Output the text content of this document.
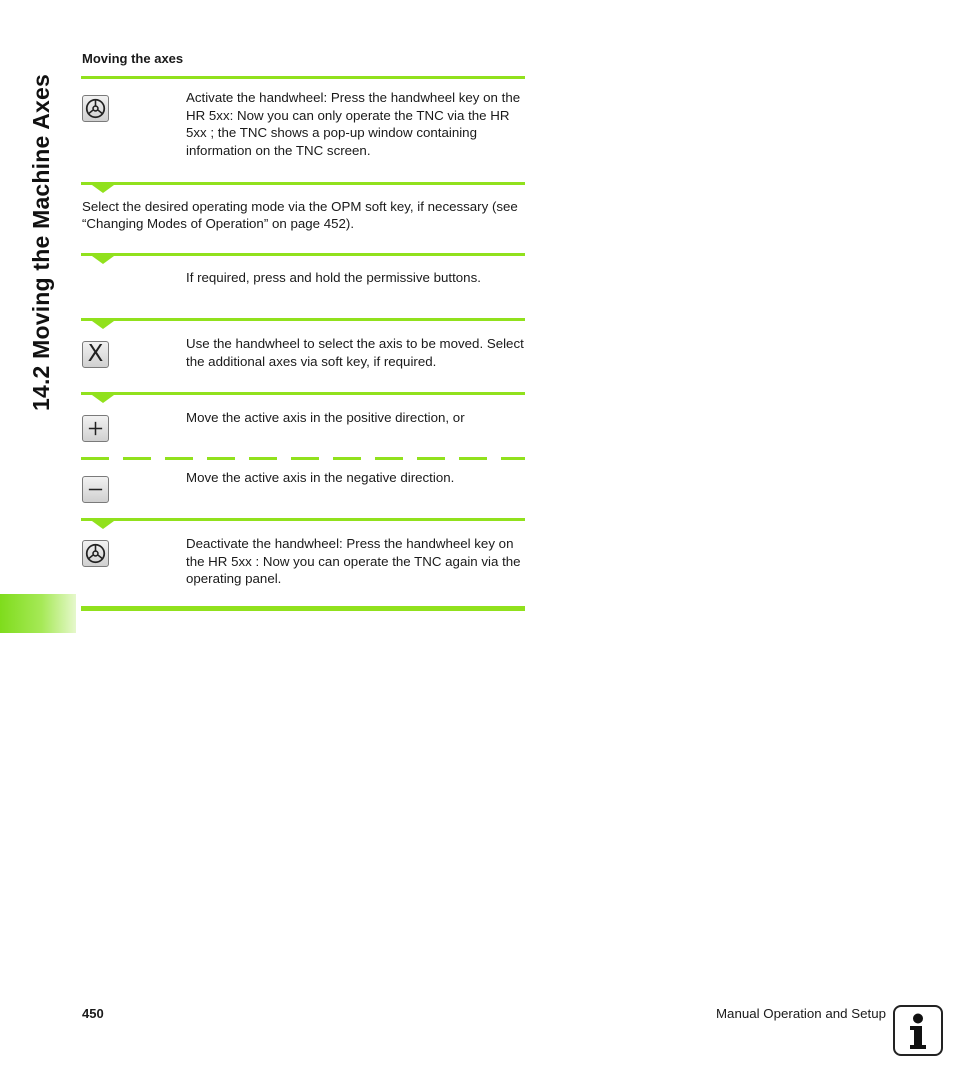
14.2 Moving the Machine Axes
Moving the axes

Activate the handwheel: Press the handwheel key on the HR 5xx: Now you can only operate the TNC via the HR 5xx ; the TNC shows a pop-up window containing information on the TNC screen.

Select the desired operating mode via the OPM soft key, if necessary (see “Changing Modes of Operation” on page 452).

If required, press and hold the permissive buttons.

X	Use the handwheel to select the axis to be moved. Select the additional axes via soft key, if required.

Move the active axis in the positive direction, or

Move the active axis in the negative direction.

Deactivate the handwheel: Press the handwheel key on the HR 5xx : Now you can operate the TNC again via the operating panel.

450	Manual Operation and Setup
